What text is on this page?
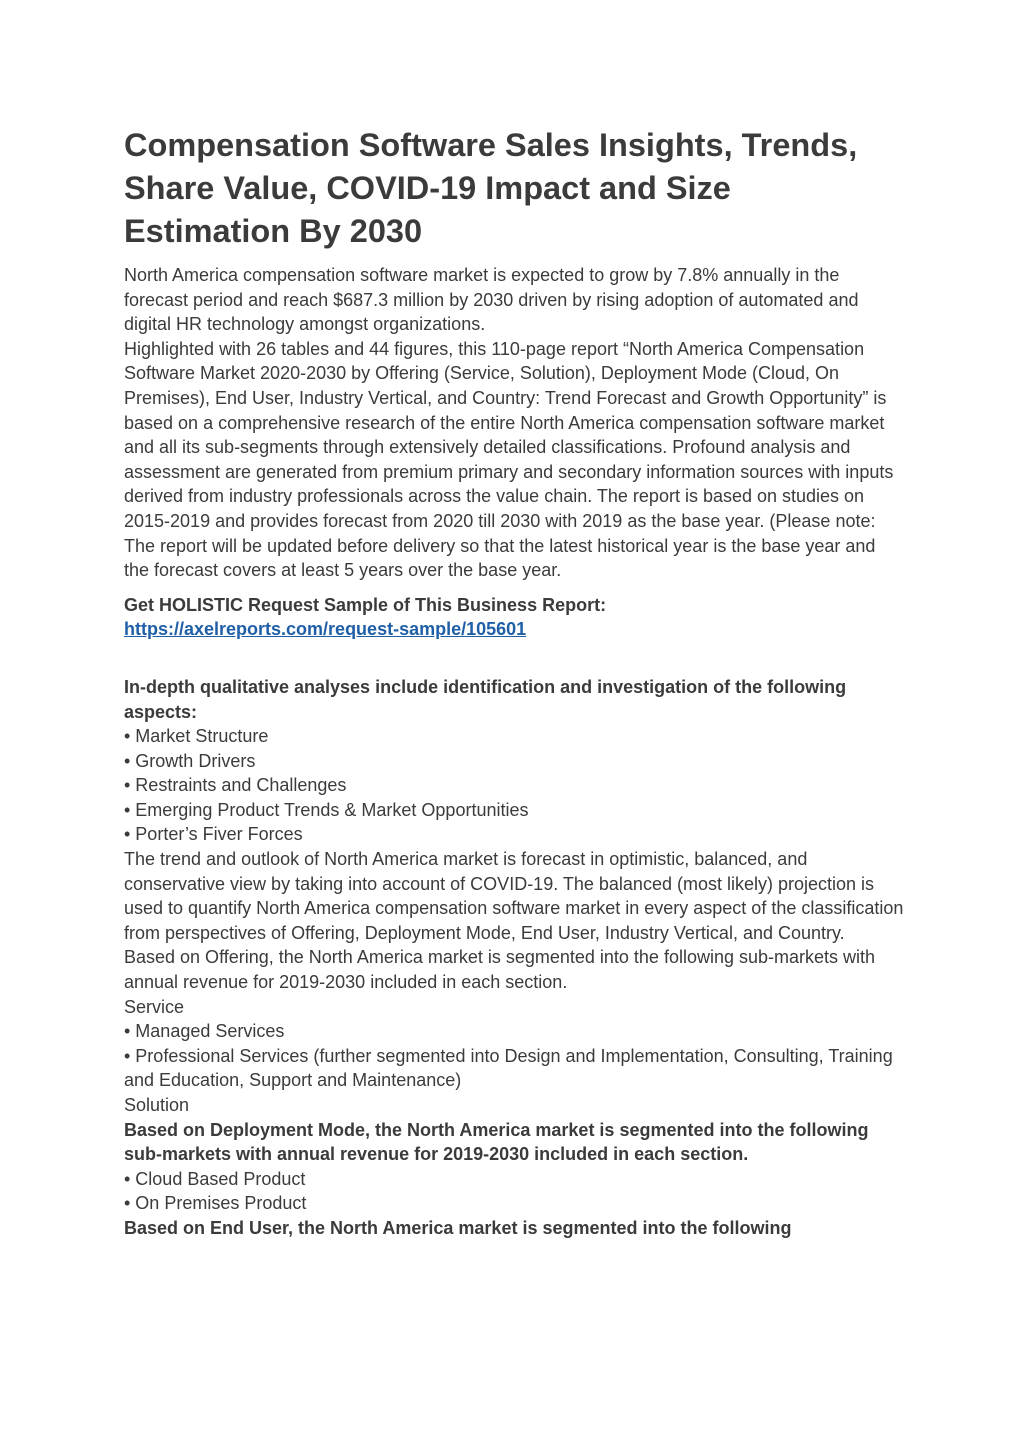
Compensation Software Sales Insights, Trends, Share Value, COVID-19 Impact and Size Estimation By 2030

North America compensation software market is expected to grow by 7.8% annually in the forecast period and reach $687.3 million by 2030 driven by rising adoption of automated and digital HR technology amongst organizations.

Highlighted with 26 tables and 44 figures, this 110-page report “North America Compensation Software Market 2020-2030 by Offering (Service, Solution), Deployment Mode (Cloud, On Premises), End User, Industry Vertical, and Country: Trend Forecast and Growth Opportunity” is based on a comprehensive research of the entire North America compensation software market and all its sub-segments through extensively detailed classifications. Profound analysis and assessment are generated from premium primary and secondary information sources with inputs derived from industry professionals across the value chain. The report is based on studies on 2015-2019 and provides forecast from 2020 till 2030 with 2019 as the base year. (Please note: The report will be updated before delivery so that the latest historical year is the base year and the forecast covers at least 5 years over the base year.

Get HOLISTIC Request Sample of This Business Report:

https://axelreports.com/request-sample/105601

In-depth qualitative analyses include identification and investigation of the following aspects:

• Market Structure

• Growth Drivers

• Restraints and Challenges

• Emerging Product Trends & Market Opportunities

• Porter’s Fiver Forces

The trend and outlook of North America market is forecast in optimistic, balanced, and conservative view by taking into account of COVID-19. The balanced (most likely) projection is used to quantify North America compensation software market in every aspect of the classification from perspectives of Offering, Deployment Mode, End User, Industry Vertical, and Country.

Based on Offering, the North America market is segmented into the following sub-markets with annual revenue for 2019-2030 included in each section.

Service

• Managed Services

• Professional Services (further segmented into Design and Implementation, Consulting, Training and Education, Support and Maintenance)

Solution

Based on Deployment Mode, the North America market is segmented into the following sub-markets with annual revenue for 2019-2030 included in each section.

• Cloud Based Product

• On Premises Product

Based on End User, the North America market is segmented into the following
